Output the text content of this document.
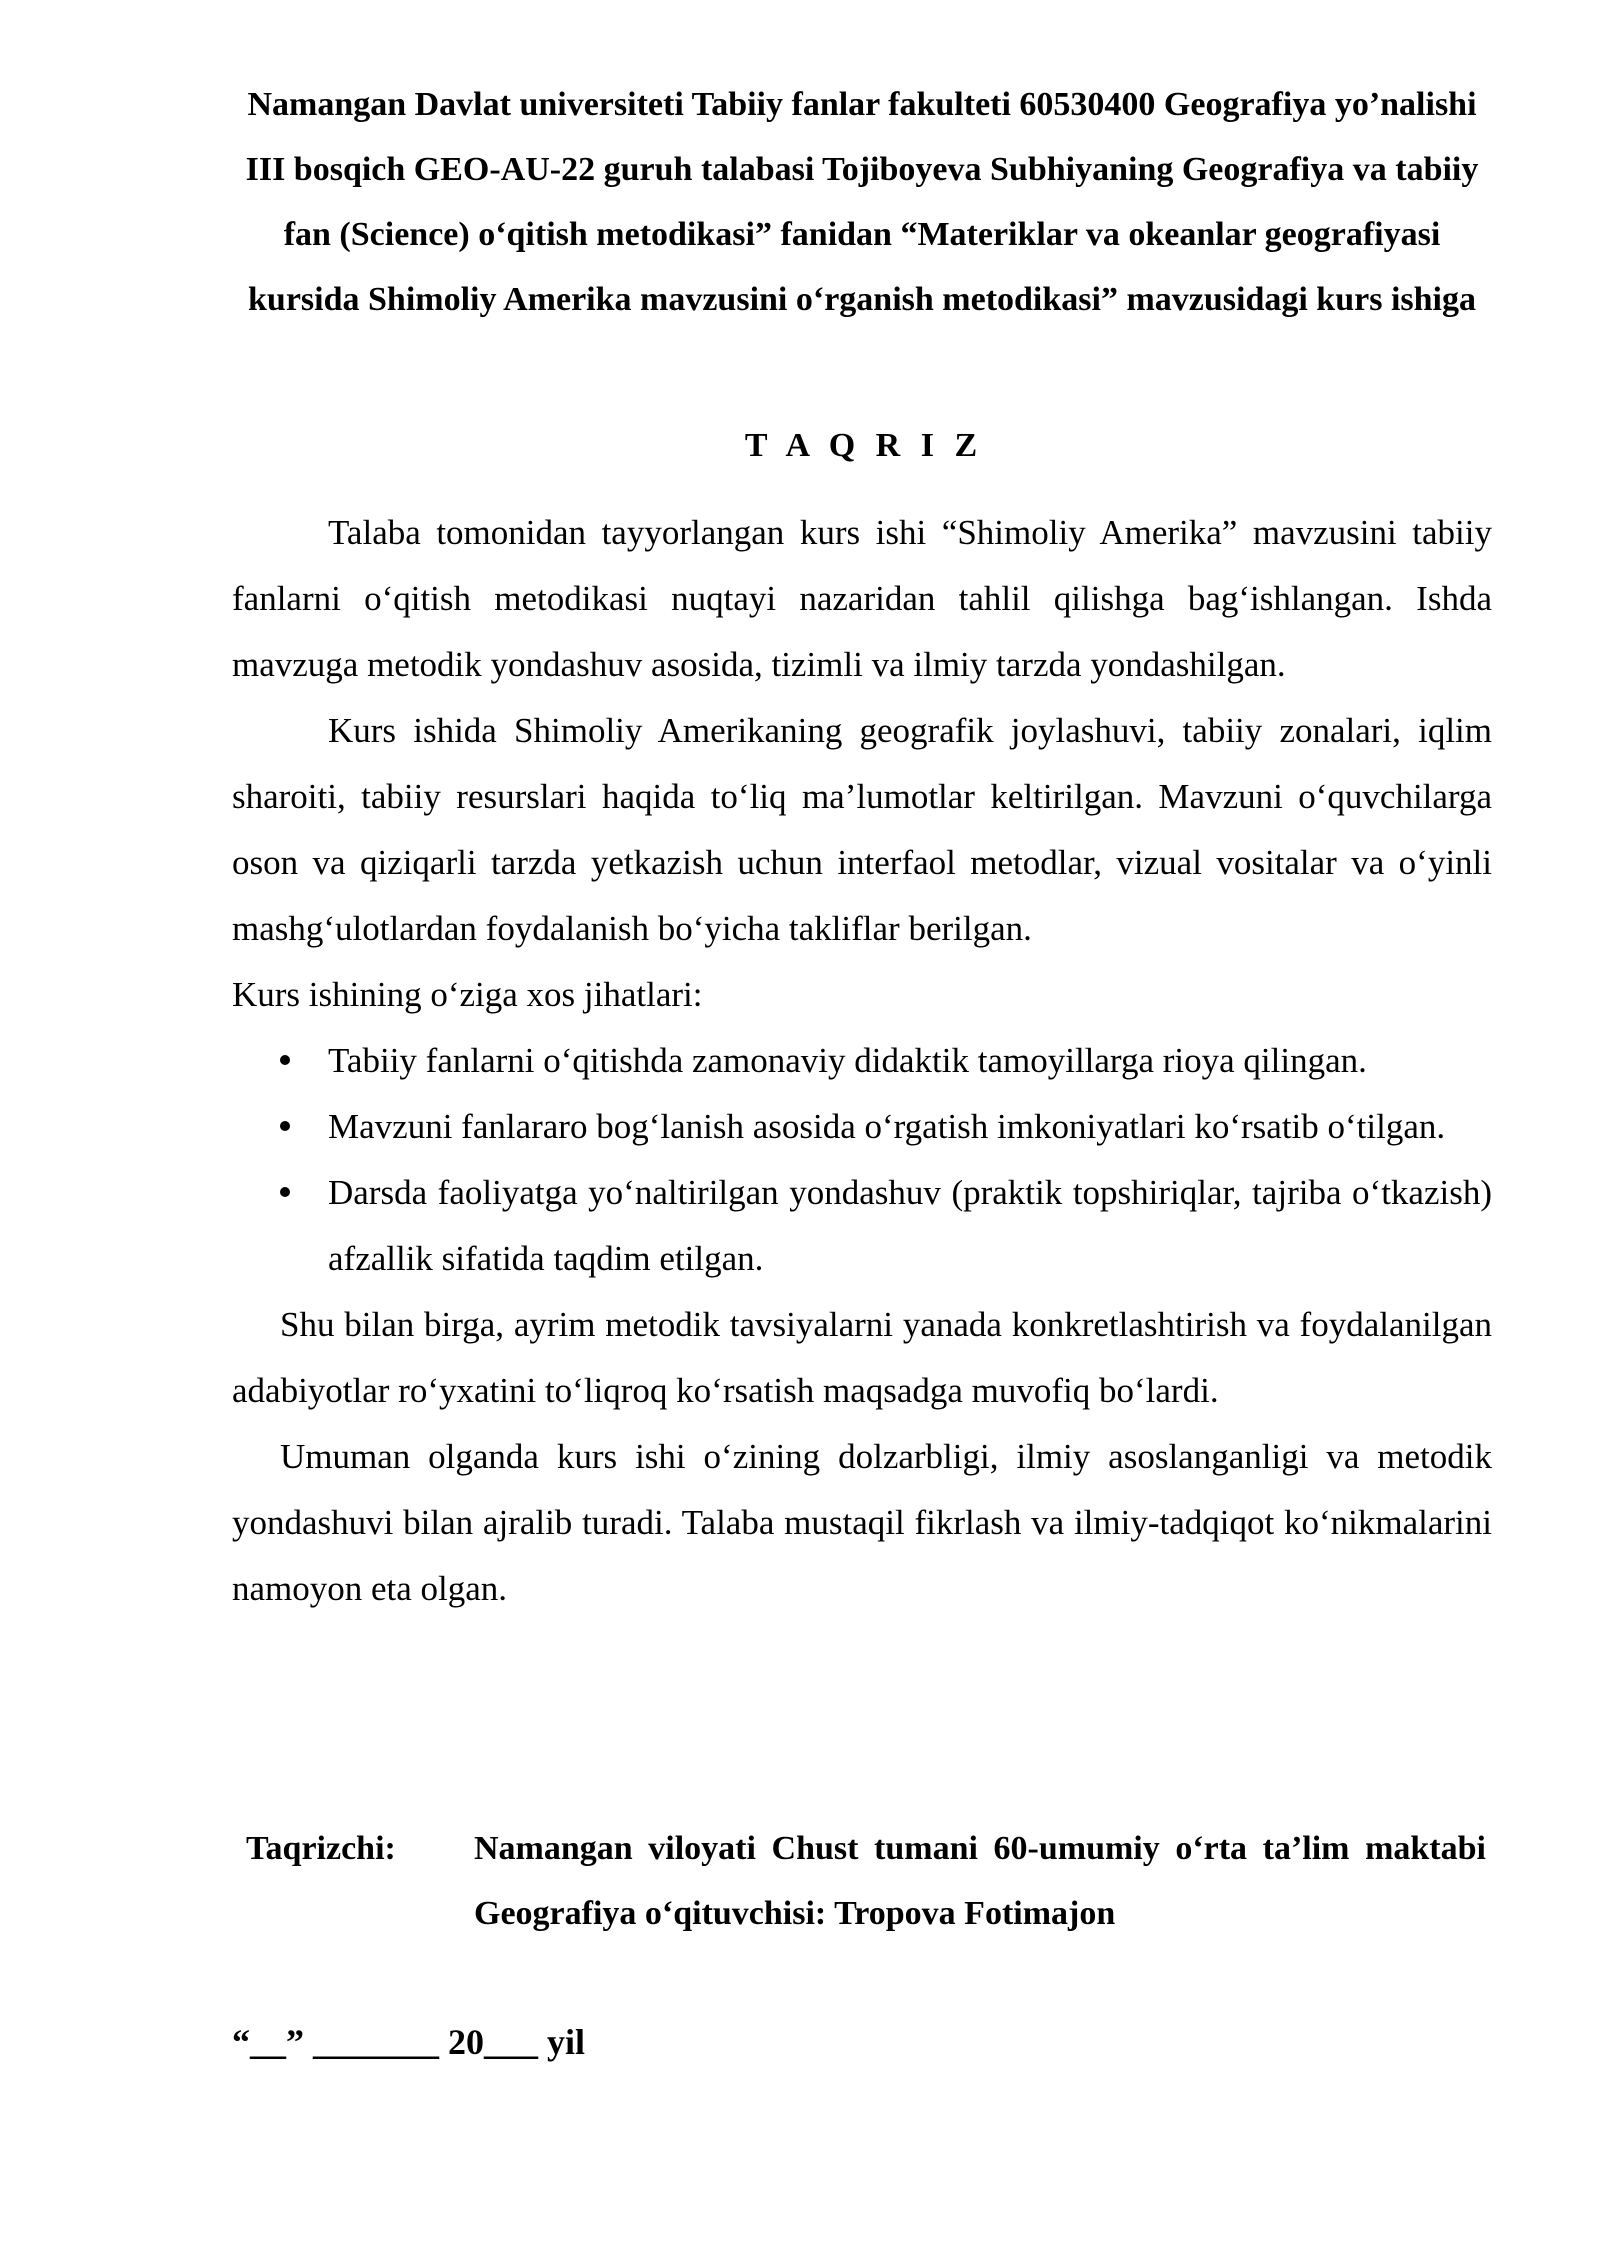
Namangan Davlat universiteti Tabiiy fanlar fakulteti 60530400 Geografiya yo’nalishi III bosqich GEO-AU-22 guruh talabasi Tojiboyeva Subhiyaning Geografiya va tabiiy fan (Science) o‘qitish metodikasi” fanidan “Materiklar va okeanlar geografiyasi kursida Shimoliy Amerika mavzusini o‘rganish metodikasi” mavzusidagi kurs ishiga

T A Q R I Z

Talaba tomonidan tayyorlangan kurs ishi “Shimoliy Amerika” mavzusini tabiiy fanlarni o‘qitish metodikasi nuqtayi nazaridan tahlil qilishga bag‘ishlangan. Ishda mavzuga metodik yondashuv asosida, tizimli va ilmiy tarzda yondashilgan.

Kurs ishida Shimoliy Amerikaning geografik joylashuvi, tabiiy zonalari, iqlim sharoiti, tabiiy resurslari haqida to‘liq ma’lumotlar keltirilgan. Mavzuni o‘quvchilarga oson va qiziqarli tarzda yetkazish uchun interfaol metodlar, vizual vositalar va o‘yinli mashg‘ulotlardan foydalanish bo‘yicha takliflar berilgan.

Kurs ishining o‘ziga xos jihatlari:

Tabiiy fanlarni o‘qitishda zamonaviy didaktik tamoyillarga rioya qilingan.
Mavzuni fanlararo bog‘lanish asosida o‘rgatish imkoniyatlari ko‘rsatib o‘tilgan.
Darsda faoliyatga yo‘naltirilgan yondashuv (praktik topshiriqlar, tajriba o‘tkazish) afzallik sifatida taqdim etilgan.

Shu bilan birga, ayrim metodik tavsiyalarni yanada konkretlashtirish va foydalanilgan adabiyotlar ro‘yxatini to‘liqroq ko‘rsatish maqsadga muvofiq bo‘lardi.

Umuman olganda kurs ishi o‘zining dolzarbligi, ilmiy asoslanganligi va metodik yondashuvi bilan ajralib turadi. Talaba mustaqil fikrlash va ilmiy-tadqiqot ko‘nikmalarini namoyon eta olgan.

Taqrizchi:	Namangan viloyati Chust tumani 60-umumiy o‘rta ta’lim maktabi Geografiya o‘qituvchisi: Tropova Fotimajon
“__” _______ 20___ yil
